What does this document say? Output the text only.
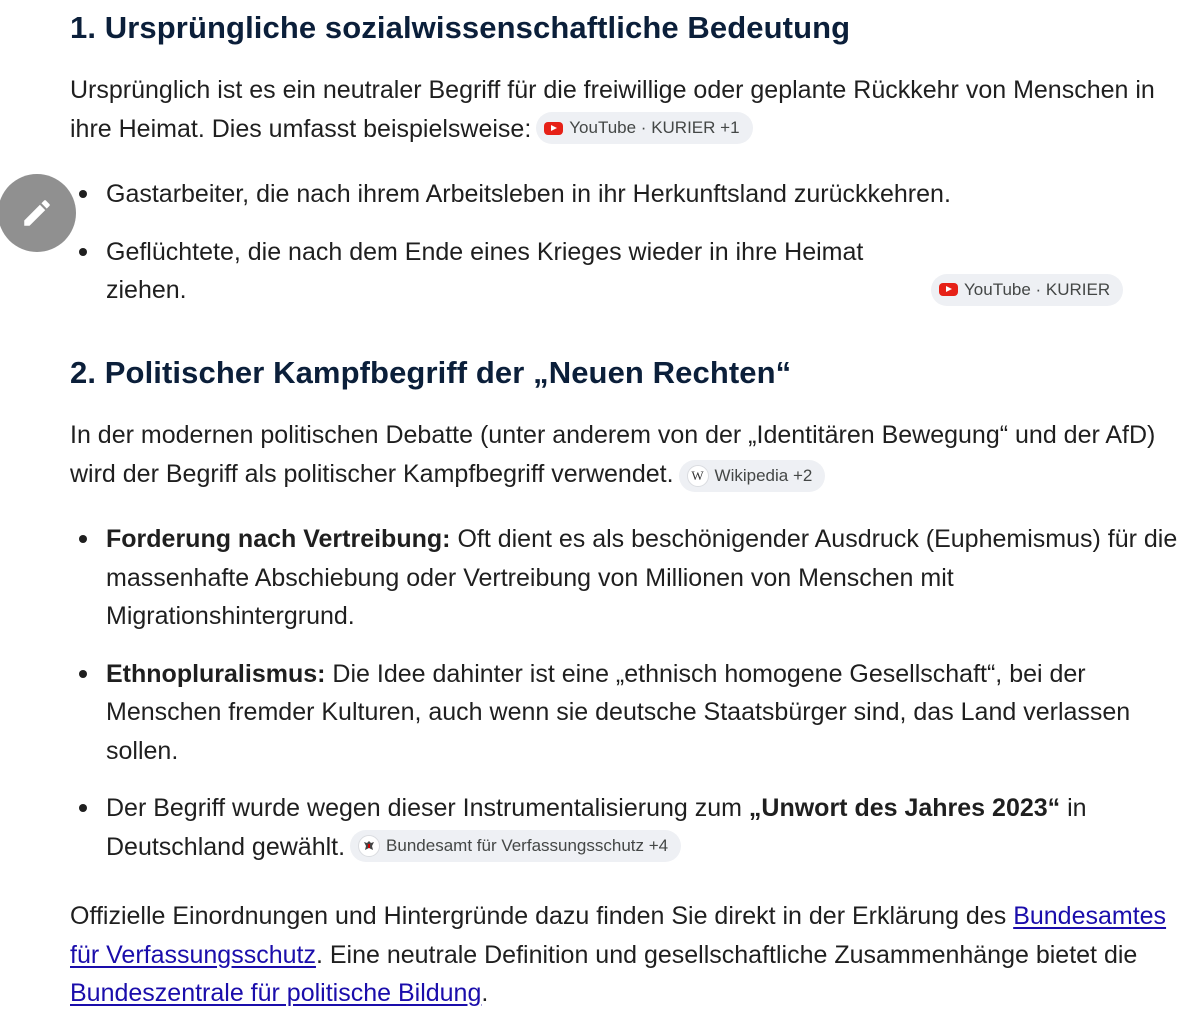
1. Ursprüngliche sozialwissenschaftliche Bedeutung

Ursprünglich ist es ein neutraler Begriff für die freiwillige oder geplante Rückkehr von Menschen in ihre Heimat. Dies umfasst beispielsweise: YouTube · KURIER +1

Gastarbeiter, die nach ihrem Arbeitsleben in ihr Herkunftsland zurückkehren.
Geflüchtete, die nach dem Ende eines Krieges wieder in ihre Heimat ziehen.	YouTube · KURIER
2. Politischer Kampfbegriff der „Neuen Rechten“

In der modernen politischen Debatte (unter anderem von der „Identitären Bewegung“ und der AfD) wird der Begriff als politischer Kampfbegriff verwendet.	W Wikipedia +2

Forderung nach Vertreibung: Oft dient es als beschönigender Ausdruck (Euphemismus) für die massenhafte Abschiebung oder Vertreibung von Millionen von Menschen mit Migrationshintergrund.
Ethnopluralismus: Die Idee dahinter ist eine „ethnisch homogene Gesellschaft“, bei der Menschen fremder Kulturen, auch wenn sie deutsche Staatsbürger sind, das Land verlassen sollen.
Der Begriff wurde wegen dieser Instrumentalisierung zum „Unwort des Jahres 2023“ in Deutschland gewählt. Bundesamt für Verfassungsschutz +4

Offizielle Einordnungen und Hintergründe dazu finden Sie direkt in der Erklärung des Bundesamtes für Verfassungsschutz. Eine neutrale Definition und gesellschaftliche Zusammenhänge bietet die Bundeszentrale für politische Bildung.
